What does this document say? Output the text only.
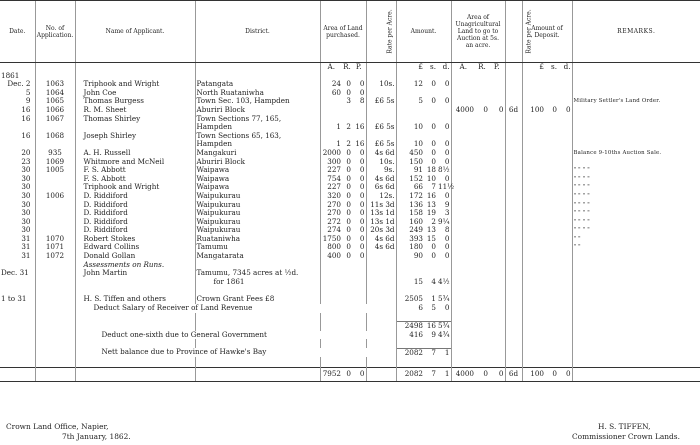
Date.	No. of Application.	Name of Applicant.	District.	Area of Land purchased.			Rate per Acre.	Amount.			Area of Unagricultural Land to go to Auction at 5s. an acre.			Rate per Acre.	Amount of Deposit.			REMARKS.
				A.	R.	P.		£	s.	d.	A.	R.	P.		£	s.	d.	
1861																		
Dec. 2	1063	Triphook and Wright	Patangata	24	0	0	10s.	12	0	0								
5	1064	John Coe	North Ruataniwha	60	0	0												
9	1065	Thomas Burgess	Town Sec. 103, Hampden		3	8	£6 5s	5	0	0								Military Settler's Land Order.
16	1066	R. M. Sheet	Aburiri Block								4000	0	0	6d	100	0	0	
16	1067	Thomas Shirley	Town Sections 77, 165,															
			Hampden	1	2	16	£6 5s	10	0	0								
16	1068	Joseph Shirley	Town Sections 65, 163,															
			Hampden	1	2	16	£6 5s	10	0	0								
20	935	A. H. Russell	Mangakuri	2000	0	0	4s 6d	450	0	0								Balance 9-10ths Auction Sale.
23	1069	Whitmore and McNeil	Aburiri Block	300	0	0	10s.	150	0	0								
30	1005	F. S. Abbott	Waipawa	227	0	0	9s.	91	18	8½								" " " "
30		F. S. Abbott	Waipawa	754	0	0	4s 6d	152	10	0								" " " "
30		Triphook and Wright	Waipawa	227	0	0	6s 6d	66	7	11½								" " " "
30	1006	D. Riddiford	Waipukurau	320	0	0	12s.	172	16	0								" " " "
30		D. Riddiford	Waipukurau	270	0	0	11s 3d	136	13	9								" " " "
30		D. Riddiford	Waipukurau	270	0	0	13s 1d	158	19	3								" " " "
30		D. Riddiford	Waipukurau	272	0	0	13s 1d	160	2	9¼								" " " "
30		D. Riddiford	Waipukurau	274	0	0	20s 3d	249	13	8								" " " "
31	1070	Robert Stokes	Ruataniwha	1750	0	0	4s 6d	393	15	0								" "
31	1071	Edward Collins	Tamumu	800	0	0	4s 6d	180	0	0								" "
31	1072	Donald Gollan	Mangatarata	400	0	0		90	0	0								
		Assessments on Runs.																
Dec. 31		John Martin	Tamumu, 7345 acres at ½d.															
			for 1861					15	4	4½								

1 to 31		H. S. Tiffen and others	Crown Grant Fees £8					2505	1	5¾								
		Deduct Salary of Receiver of Land Revenue						6	5	0								

								2498	16	5¾								
		Deduct one-sixth due to General Government						416	9	4¾								

		Nett balance due to Province of Hawke's Bay						2082	7	1								

				7952	0	0		2082	7	1	4000	0	0	6d	100	0	0	
Crown Land Office, Napier,
7th January, 1862.
H. S. TIFFEN,
Commissioner Crown Lands.
